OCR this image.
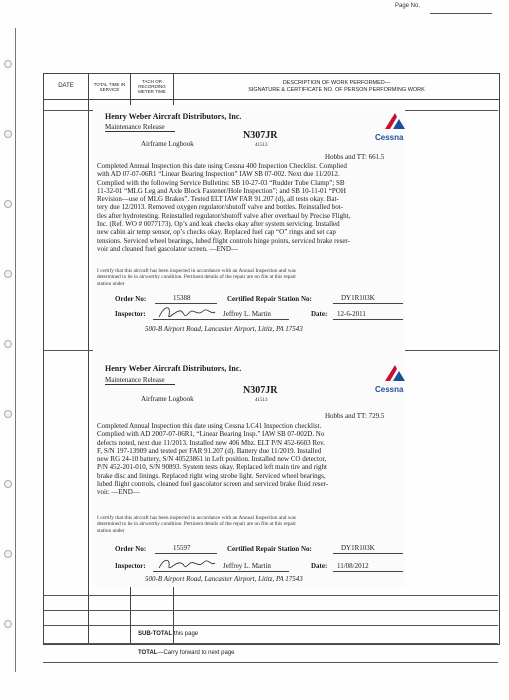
Page No.
DATE	TOTAL TIME IN SERVICE
TACH OR RECORDING METER TIME
DESCRIPTION OF WORK PERFORMED—
SIGNATURE & CERTIFICATE NO. OF PERSON PERFORMING WORK
Henry Weber Aircraft Distributors, Inc.
Maintenance Release
N307JR
41513
Airframe Logbook
Hobbs and TT: 661.5
Cessna
Completed Annual Inspection this date using Cessna 400 Inspection Checklist. Complied
with AD 07-07-06R1 “Linear Bearing Inspection” IAW SB 07-002. Next due 11/2012.
Complied with the following Service Bulletins: SB 10-27-03 “Rudder Tube Clamp”; SB
11-32-01 “MLG Leg and Axle Block Fastener/Hole Inspection”; and SB 10-11-01 “POH
Revision—use of MLG Brakes”. Tested ELT IAW FAR 91.207 (d), all tests okay. Bat-
tery due 12/2013. Removed oxygen regulator/shutoff valve and bottles. Reinstalled bot-
tles after hydrotesting. Reinstalled regulator/shutoff valve after overhaul by Precise Flight,
Inc. (Ref. WO # 0077173). Op’s and leak checks okay after system servicing. Installed
new cabin air temp sensor, op’s checks okay. Replaced fuel cap “O” rings and set cap
tensions. Serviced wheel bearings, lubed flight controls hinge points, serviced brake reser-
voir and cleaned fuel gascolator screen. —END—
I certify that this aircraft has been inspected in accordance with an Annual Inspection and was
determined to be in airworthy condition. Pertinent details of the repair are on file at this repair
station under
Order No:	15388	Certified Repair Station No:	DY1R103K
Inspector:	Jeffrey L. Martin	Date: 12-6-2011
500-B Airport Road, Lancaster Airport, Lititz, PA 17543
Henry Weber Aircraft Distributors, Inc.
Maintenance Release
N307JR
41513
Airframe Logbook
Hobbs and TT: 729.5
Cessna
Completed Annual Inspection this date using Cessna LC41 Inspection checklist.
Complied with AD 2007-07-06R1, “Linear Bearing Insp.” IAW SB 07-002D. No
defects noted, next due 11/2013. Installed new 406 Mhz. ELT P/N 452-6603 Rev.
F, S/N 197-13909 and tested per FAR 91.207 (d). Battery due 11/2019. Installed
new RG 24-10 battery, S/N 40523861 in Left position. Installed new CO detector,
P/N 452-201-010, S/N 90893. System tests okay. Replaced left main tire and right
brake disc and linings. Replaced right wing strobe light. Serviced wheel bearings,
lubed flight controls, cleaned fuel gascolator screen and serviced brake fluid reser-
voir. —END—
I certify that this aircraft has been inspected in accordance with an Annual Inspection and was
determined to be in airworthy condition. Pertinent details of the repair are on file at this repair
station under
Order No:	15597	Certified Repair Station No:	DY1R103K
Inspector:	Jeffrey L. Martin	Date: 11/08/2012
500-B Airport Road, Lancaster Airport, Lititz, PA 17543
SUB-TOTAL this page
TOTAL—Carry forward to next page
